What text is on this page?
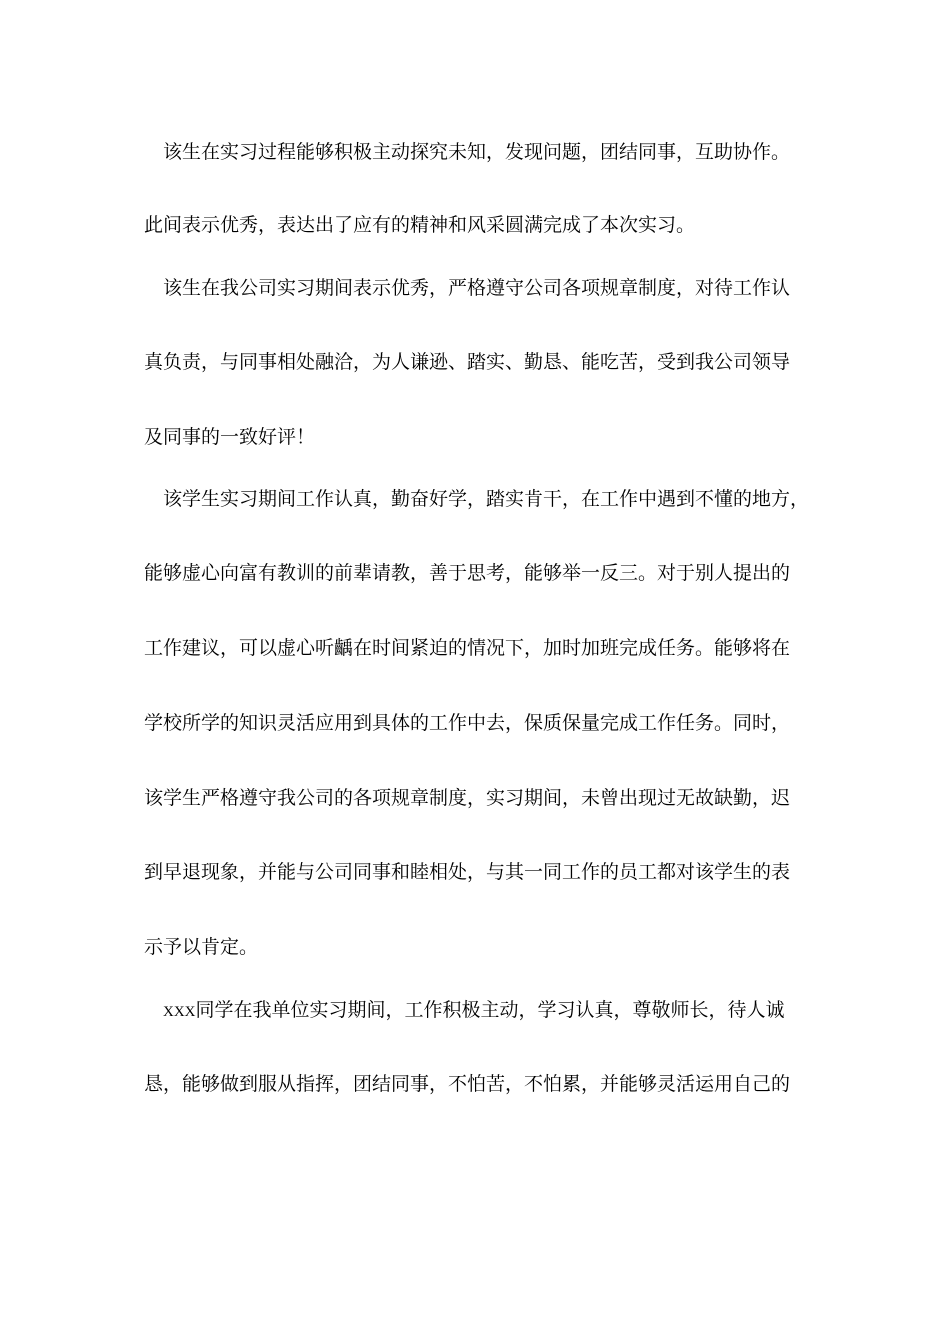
该生在实习过程能够积极主动探究未知，发现问题，团结同事，互助协作。
此间表示优秀，表达出了应有的精神和风采圆满完成了本次实习。
该生在我公司实习期间表示优秀，严格遵守公司各项规章制度，对待工作认
真负责，与同事相处融洽，为人谦逊、踏实、勤恳、能吃苦，受到我公司领导
及同事的一致好评！
该学生实习期间工作认真，勤奋好学，踏实肯干，在工作中遇到不懂的地方，
能够虚心向富有教训的前辈请教，善于思考，能够举一反三。对于别人提出的
工作建议，可以虚心听齲在时间紧迫的情况下，加时加班完成任务。能够将在
学校所学的知识灵活应用到具体的工作中去，保质保量完成工作任务。同时，
该学生严格遵守我公司的各项规章制度，实习期间，未曾出现过无故缺勤，迟
到早退现象，并能与公司同事和睦相处，与其一同工作的员工都对该学生的表
示予以肯定。
XXX同学在我单位实习期间，工作积极主动，学习认真，尊敬师长，待人诚
恳，能够做到服从指挥，团结同事，不怕苦，不怕累，并能够灵活运用自己的
